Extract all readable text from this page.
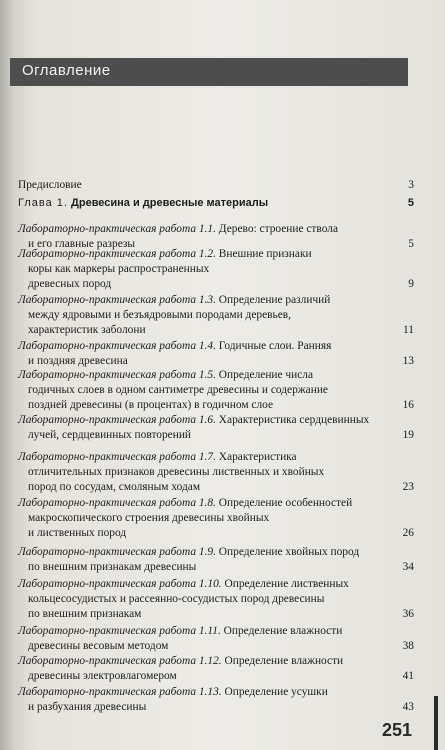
Оглавление
Предисловие	3
Глава 1. Древесина и древесные материалы	5
Лабораторно-практическая работа 1.1. Дерево: строение ствола
и его главные разрезы	5
Лабораторно-практическая работа 1.2. Внешние признаки
коры как маркеры распространенных
древесных пород	9
Лабораторно-практическая работа 1.3. Определение различий
между ядровыми и безъядровыми породами деревьев,
характеристик заболони	11
Лабораторно-практическая работа 1.4. Годичные слои. Ранняя
и поздняя древесина	13
Лабораторно-практическая работа 1.5. Определение числа
годичных слоев в одном сантиметре древесины и содержание
поздней древесины (в процентах) в годичном слое	16
Лабораторно-практическая работа 1.6. Характеристика сердцевинных
лучей, сердцевинных повторений	19
Лабораторно-практическая работа 1.7. Характеристика
отличительных признаков древесины лиственных и хвойных
пород по сосудам, смоляным ходам	23
Лабораторно-практическая работа 1.8. Определение особенностей
макроскопического строения древесины хвойных
и лиственных пород	26
Лабораторно-практическая работа 1.9. Определение хвойных пород
по внешним признакам древесины	34
Лабораторно-практическая работа 1.10. Определение лиственных
кольцесосудистых и рассеянно-сосудистых пород древесины
по внешним признакам	36
Лабораторно-практическая работа 1.11. Определение влажности
древесины весовым методом	38
Лабораторно-практическая работа 1.12. Определение влажности
древесины электровлагомером	41
Лабораторно-практическая работа 1.13. Определение усушки
и разбухания древесины	43
251
